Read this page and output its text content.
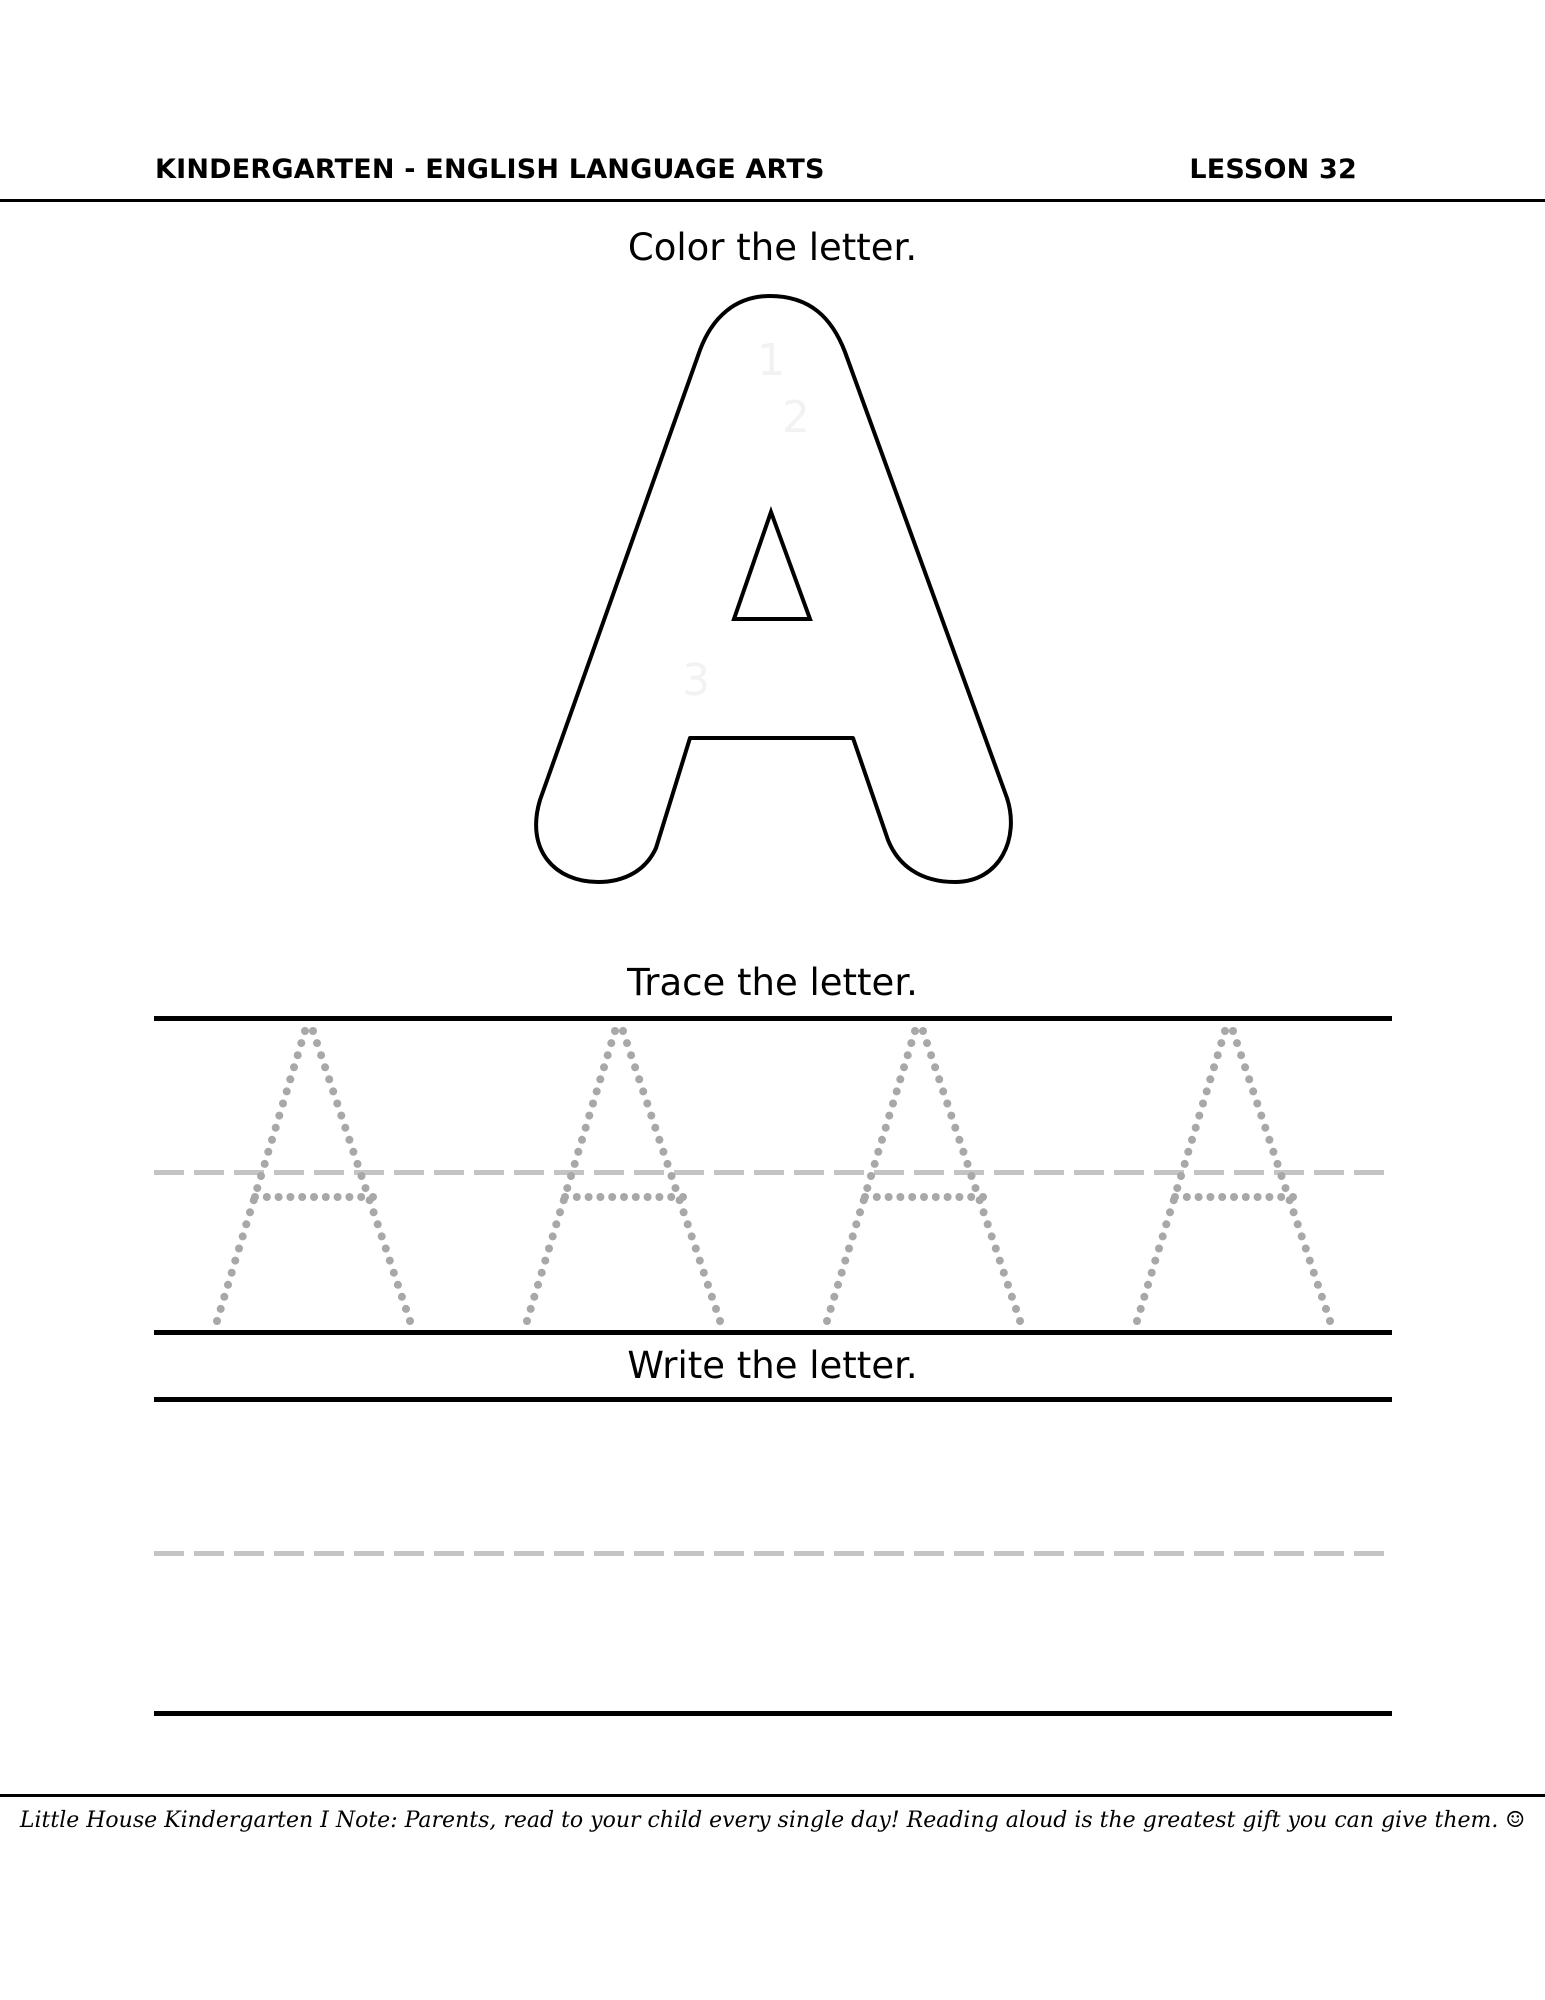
KINDERGARTEN - ENGLISH LANGUAGE ARTS	LESSON 32
Color the letter.
1
2
3
Trace the letter.
Write the letter.
Little House Kindergarten I Note: Parents, read to your child every single day! Reading aloud is the greatest gift you can give them. ☺
